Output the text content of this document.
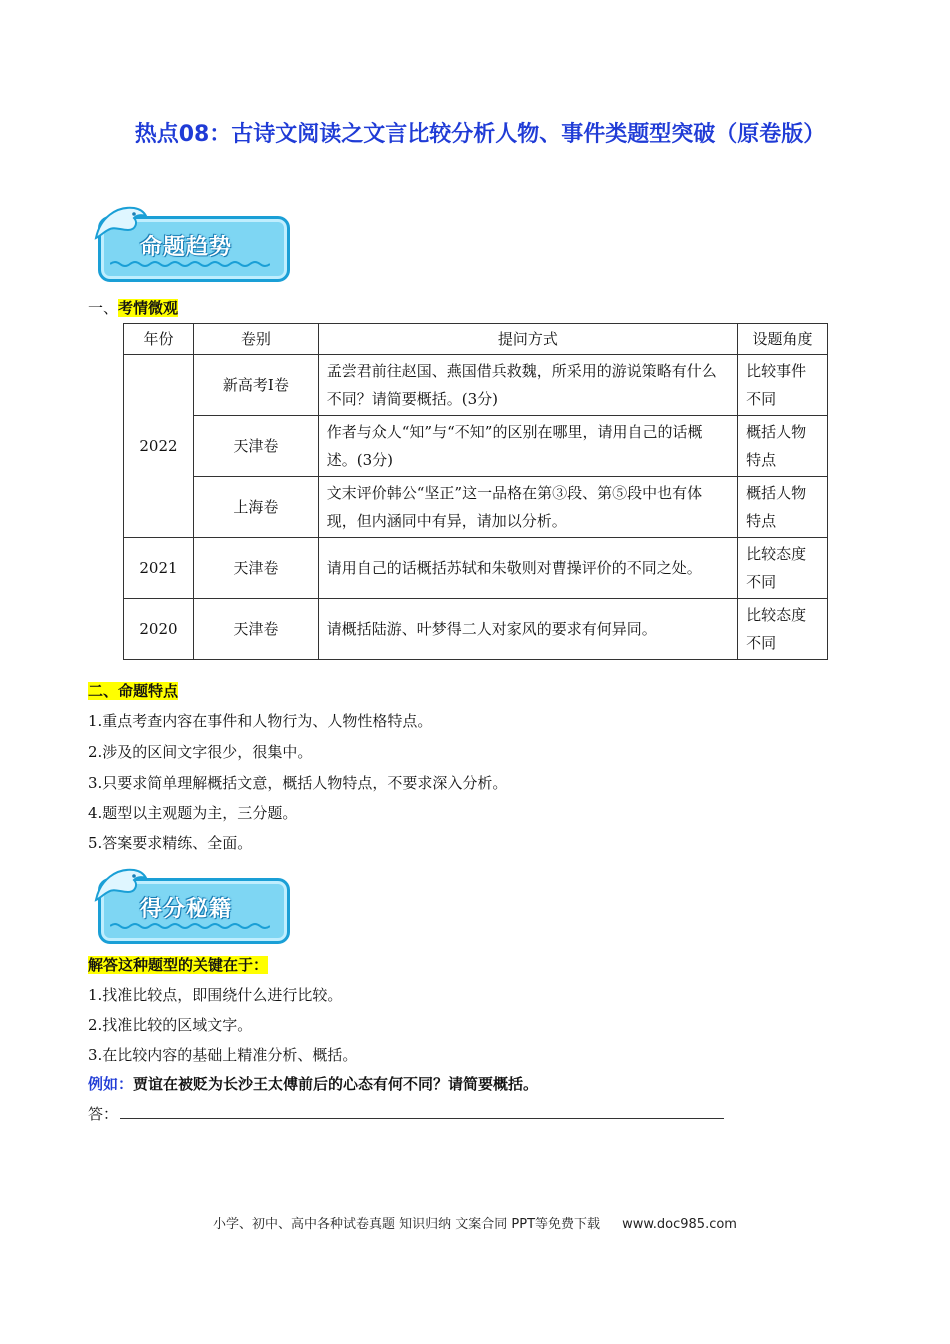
热点08：古诗文阅读之文言比较分析人物、事件类题型突破（原卷版）
命题趋势
一、考情微观
年份	卷别	提问方式	设题角度
2022	新高考Ⅰ卷	孟尝君前往赵国、燕国借兵救魏，所采用的游说策略有什么不同？请简要概括。(3分)	比较事件不同
	天津卷	作者与众人“知”与“不知”的区别在哪里，请用自己的话概述。(3分)	概括人物特点
	上海卷	文末评价韩公“坚正”这一品格在第③段、第⑤段中也有体现，但内涵同中有异，请加以分析。	概括人物特点
2021	天津卷	请用自己的话概括苏轼和朱敬则对曹操评价的不同之处。	比较态度不同
2020	天津卷	请概括陆游、叶梦得二人对家风的要求有何异同。	比较态度不同
二、命题特点
1.重点考查内容在事件和人物行为、人物性格特点。
2.涉及的区间文字很少，很集中。
3.只要求简单理解概括文意，概括人物特点，不要求深入分析。
4.题型以主观题为主，三分题。
5.答案要求精练、全面。
得分秘籍
解答这种题型的关键在于：
1.找准比较点，即围绕什么进行比较。
2.找准比较的区域文字。
3.在比较内容的基础上精准分析、概括。
例如：贾谊在被贬为长沙王太傅前后的心态有何不同？请简要概括。
答：
小学、初中、高中各种试卷真题 知识归纳 文案合同 PPT等免费下载 www.doc985.com
